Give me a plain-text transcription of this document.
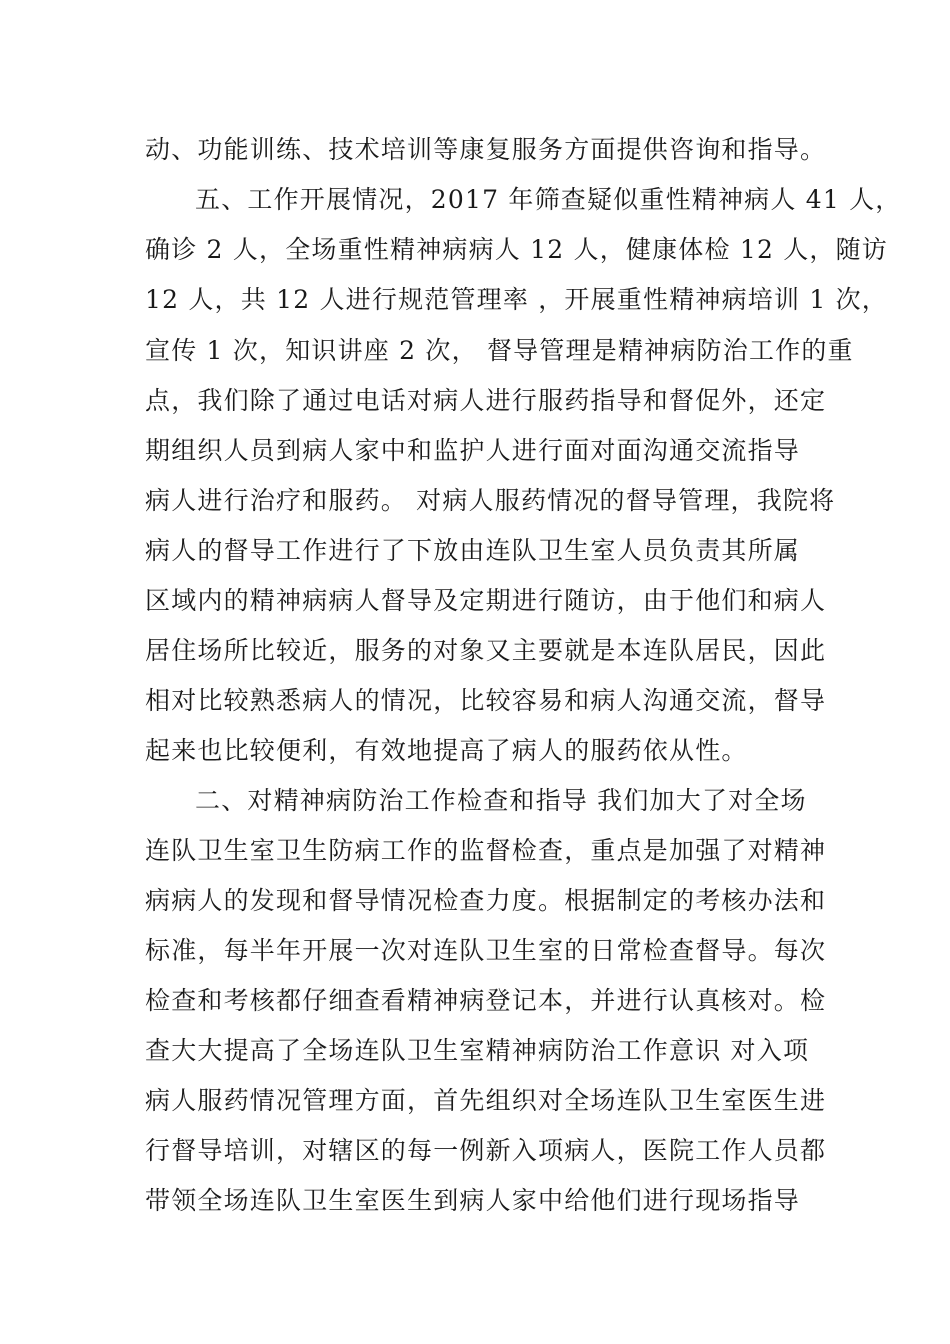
动、功能训练、技术培训等康复服务方面提供咨询和指导。
五、工作开展情况，2017 年筛查疑似重性精神病人 41 人，
确诊 2 人，全场重性精神病病人 12 人，健康体检 12 人，随访
12 人，共 12 人进行规范管理率 ，开展重性精神病培训 1 次，
宣传 1 次，知识讲座 2 次， 督导管理是精神病防治工作的重
点，我们除了通过电话对病人进行服药指导和督促外，还定
期组织人员到病人家中和监护人进行面对面沟通交流指导
病人进行治疗和服药。 对病人服药情况的督导管理，我院将
病人的督导工作进行了下放由连队卫生室人员负责其所属
区域内的精神病病人督导及定期进行随访，由于他们和病人
居住场所比较近，服务的对象又主要就是本连队居民，因此
相对比较熟悉病人的情况，比较容易和病人沟通交流，督导
起来也比较便利，有效地提高了病人的服药依从性。
二、对精神病防治工作检查和指导 我们加大了对全场
连队卫生室卫生防病工作的监督检查，重点是加强了对精神
病病人的发现和督导情况检查力度。根据制定的考核办法和
标准，每半年开展一次对连队卫生室的日常检查督导。每次
检查和考核都仔细查看精神病登记本，并进行认真核对。检
查大大提高了全场连队卫生室精神病防治工作意识 对入项
病人服药情况管理方面，首先组织对全场连队卫生室医生进
行督导培训，对辖区的每一例新入项病人，医院工作人员都
带领全场连队卫生室医生到病人家中给他们进行现场指导
